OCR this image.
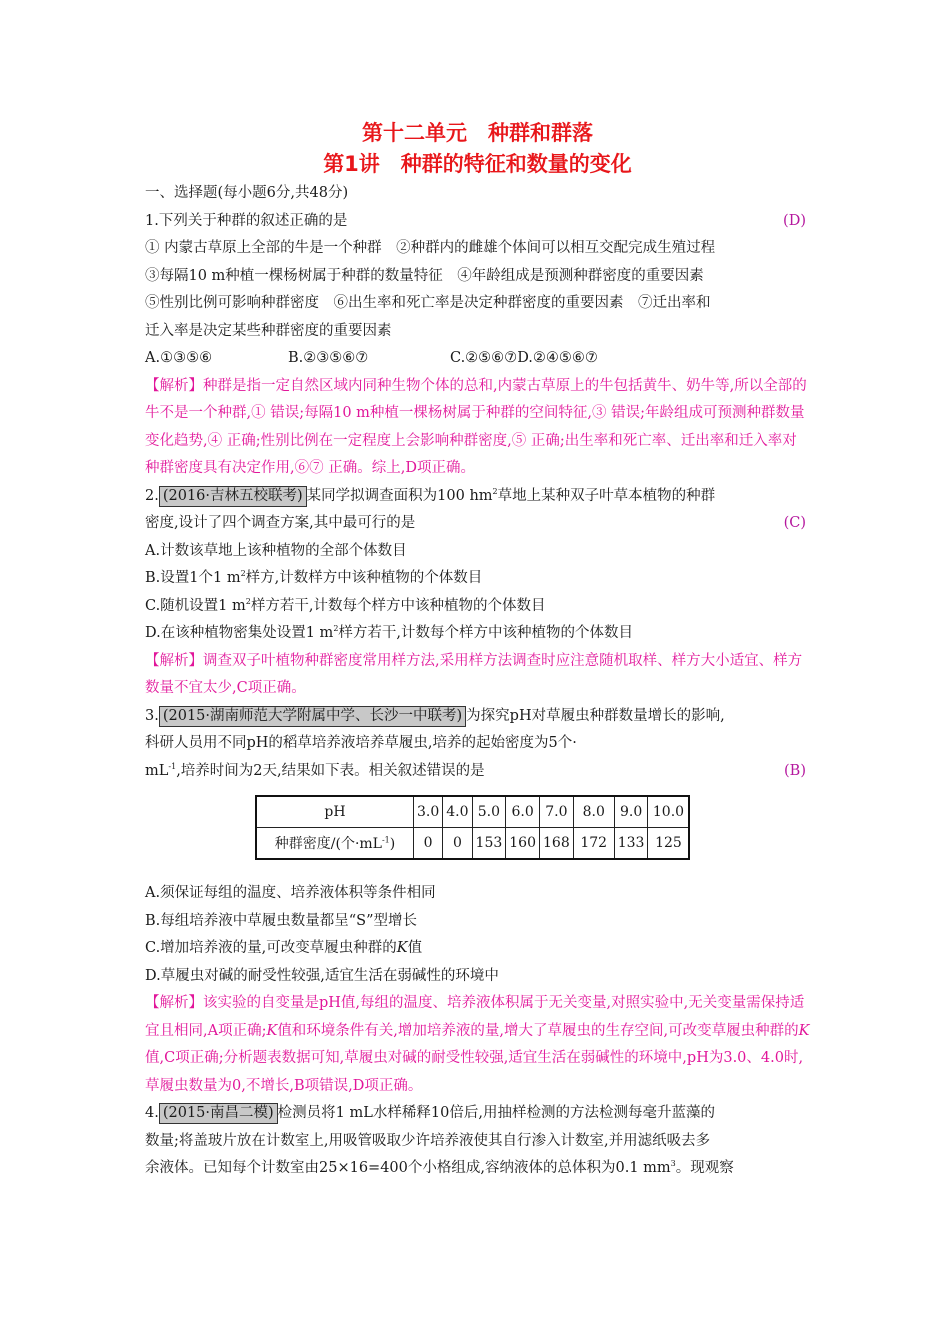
第十二单元　种群和群落
第1讲　种群的特征和数量的变化
一、选择题(每小题6分,共48分)
1.下列关于种群的叙述正确的是	(D)
① 内蒙古草原上全部的牛是一个种群　②种群内的雌雄个体间可以相互交配完成生殖过程
③每隔10 m种植一棵杨树属于种群的数量特征　④年龄组成是预测种群密度的重要因素
⑤性别比例可影响种群密度　⑥出生率和死亡率是决定种群密度的重要因素　⑦迁出率和
迁入率是决定某些种群密度的重要因素
A.①③⑤⑥	B.②③⑤⑥⑦	C.②⑤⑥⑦D.②④⑤⑥⑦
【解析】种群是指一定自然区域内同种生物个体的总和,内蒙古草原上的牛包括黄牛、奶牛等,所以全部的牛不是一个种群,① 错误;每隔10 m种植一棵杨树属于种群的空间特征,③ 错误;年龄组成可预测种群数量变化趋势,④ 正确;性别比例在一定程度上会影响种群密度,⑤ 正确;出生率和死亡率、迁出率和迁入率对种群密度具有决定作用,⑥⑦ 正确。综上,D项正确。
2. (2016·吉林五校联考) 某同学拟调查面积为100 $hm^2$草地上某种双子叶草本植物的种群
密度,设计了四个调查方案,其中最可行的是	(C)
A.计数该草地上该种植物的全部个体数目
B.设置1个1 $m^2$样方,计数样方中该种植物的个体数目
C.随机设置1 $m^2$样方若干,计数每个样方中该种植物的个体数目
D.在该种植物密集处设置1 $m^2$样方若干,计数每个样方中该种植物的个体数目
【解析】调查双子叶植物种群密度常用样方法,采用样方法调查时应注意随机取样、样方大小适宜、样方数量不宜太少,C项正确。
3. (2015·湖南师范大学附属中学、长沙一中联考) 为探究pH对草履虫种群数量增长的影响,
科研人员用不同pH的稻草培养液培养草履虫,培养的起始密度为5个·
$mL^{-1}$,培养时间为2天,结果如下表。相关叙述错误的是	(B)
pH	3.0	4.0	5.0	6.0	7.0	8.0	9.0	10.0
种群密度/(个$\cdot mL^{-1}$)	0	0	153	160	168	172	133	125
A.须保证每组的温度、培养液体积等条件相同
B.每组培养液中草履虫数量都呈“S”型增长
C.增加培养液的量,可改变草履虫种群的K值
D.草履虫对碱的耐受性较强,适宜生活在弱碱性的环境中
【解析】该实验的自变量是pH值,每组的温度、培养液体积属于无关变量,对照实验中,无关变量需保持适宜且相同,A项正确;K值和环境条件有关,增加培养液的量,增大了草履虫的生存空间,可改变草履虫种群的K值,C项正确;分析题表数据可知,草履虫对碱的耐受性较强,适宜生活在弱碱性的环境中,pH为3.0、4.0时,草履虫数量为0,不增长,B项错误,D项正确。
4. (2015·南昌二模) 检测员将1 mL水样稀释10倍后,用抽样检测的方法检测每毫升蓝藻的
数量;将盖玻片放在计数室上,用吸管吸取少许培养液使其自行渗入计数室,并用滤纸吸去多
余液体。已知每个计数室由25×16=400个小格组成,容纳液体的总体积为0.1 $mm^3$。现观察
